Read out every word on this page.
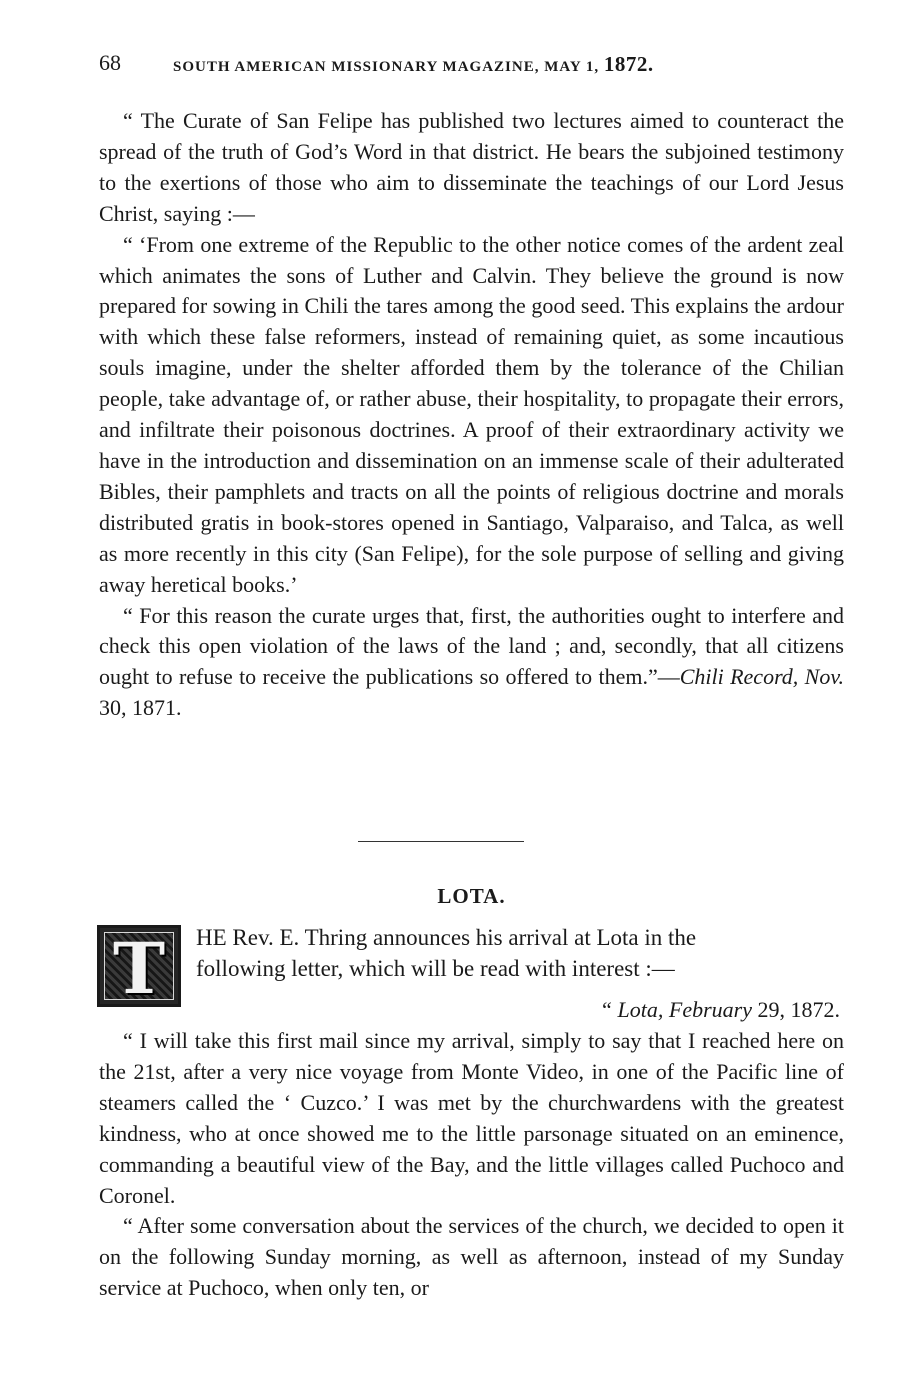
68	SOUTH AMERICAN MISSIONARY MAGAZINE, MAY 1, 1872.

“ The Curate of San Felipe has published two lectures aimed to counteract the spread of the truth of God’s Word in that district. He bears the subjoined testimony to the exertions of those who aim to disseminate the teachings of our Lord Jesus Christ, saying :—

“ ‘From one extreme of the Republic to the other notice comes of the ardent zeal which animates the sons of Luther and Calvin. They believe the ground is now prepared for sowing in Chili the tares among the good seed. This explains the ardour with which these false reformers, instead of remaining quiet, as some incautious souls imagine, under the shelter afforded them by the tolerance of the Chilian people, take advantage of, or rather abuse, their hospitality, to propagate their errors, and infiltrate their poisonous doctrines. A proof of their extraordinary activity we have in the introduction and dissemination on an immense scale of their adulterated Bibles, their pamphlets and tracts on all the points of religious doctrine and morals distributed gratis in book-stores opened in Santiago, Valparaiso, and Talca, as well as more recently in this city (San Felipe), for the sole purpose of selling and giving away heretical books.’

“ For this reason the curate urges that, first, the authorities ought to interfere and check this open violation of the laws of the land ; and, secondly, that all citizens ought to refuse to receive the publications so offered to them.”—Chili Record, Nov. 30, 1871.

LOTA.
T	HE Rev. E. Thring announces his arrival at Lota in the
following letter, which will be read with interest :—
“ Lota, February 29, 1872.

“ I will take this first mail since my arrival, simply to say that I reached here on the 21st, after a very nice voyage from Monte Video, in one of the Pacific line of steamers called the ‘ Cuzco.’ I was met by the churchwardens with the greatest kindness, who at once showed me to the little parsonage situated on an eminence, commanding a beautiful view of the Bay, and the little villages called Puchoco and Coronel.

“ After some conversation about the services of the church, we decided to open it on the following Sunday morning, as well as afternoon, instead of my Sunday service at Puchoco, when only ten, or
